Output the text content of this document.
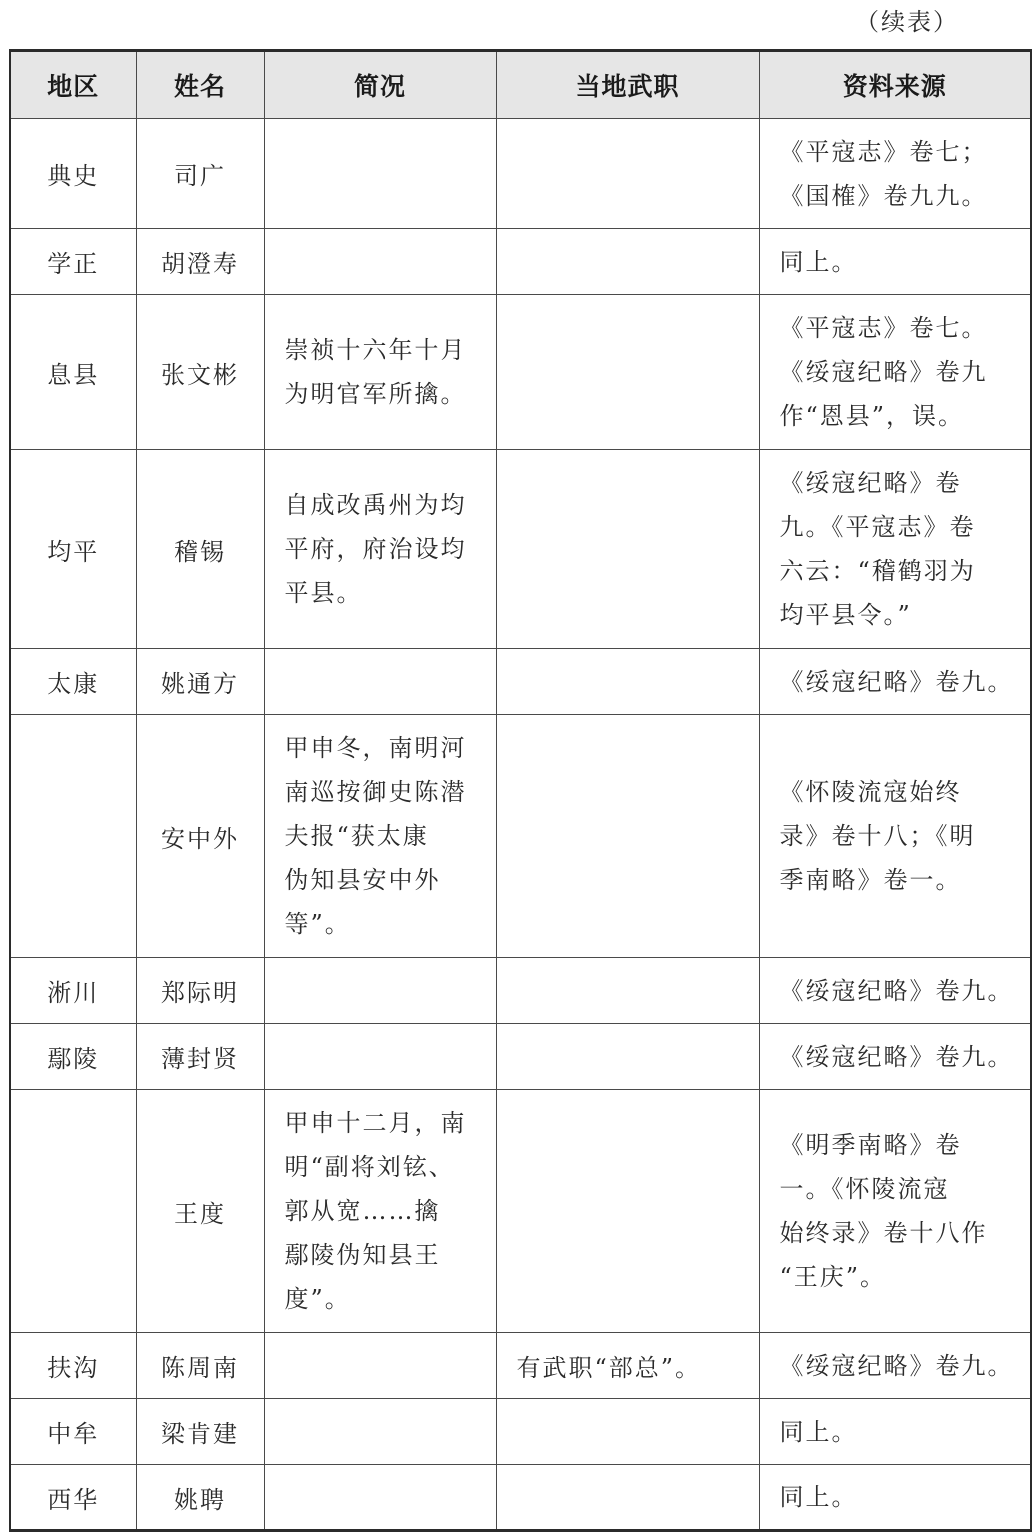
（续表）
地区	姓名	简况	当地武职	资料来源
典史	司广			《平寇志》卷七；
《国榷》卷九九。

学正	胡澄寿			同上。

息县	张文彬	崇祯十六年十月
为明官军所擒。		《平寇志》卷七。
《绥寇纪略》卷九
作“恩县”，误。

均平	稽锡	自成改禹州为均
平府，府治设均
平县。		《绥寇纪略》卷
九。《平寇志》卷
六云：“稽鹤羽为
均平县令。”

太康	姚通方			《绥寇纪略》卷九。

	安中外	甲申冬，南明河
南巡按御史陈潜
夫报“获太康
伪知县安中外
等”。		《怀陵流寇始终
录》卷十八；《明
季南略》卷一。

淅川	郑际明			《绥寇纪略》卷九。

鄢陵	薄封贤			《绥寇纪略》卷九。

	王度	甲申十二月，南
明“副将刘铉、
郭从宽……擒
鄢陵伪知县王
度”。		《明季南略》卷
一。《怀陵流寇
始终录》卷十八作
“王庆”。

扶沟	陈周南		有武职“部总”。	《绥寇纪略》卷九。

中牟	梁肯建			同上。

西华	姚聘			同上。
